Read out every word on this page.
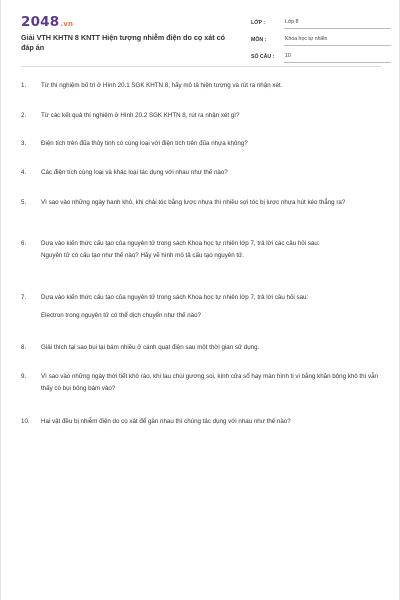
2048.vn
Giải VTH KHTN 8 KNTT Hiện tượng nhiễm điện do cọ xát có đáp án
LỚP :	Lớp 8
MÔN :	Khoa học tự nhiên
SỐ CÂU :	10
1.	Từ thí nghiệm bố trí ở Hình 20.1 SGK KHTN 8, hãy mô tả hiện tượng và rút ra nhận xét.

2.	Từ các kết quả thí nghiệm ở Hình 20.2 SGK KHTN 8, rút ra nhận xét gì?

3.	Điện tích trên đũa thủy tinh có cùng loại với điện tích trên đũa nhựa không?

4.	Các điện tích cùng loại và khác loại tác dụng với nhau như thế nào?

5.	Vì sao vào những ngày hanh khô, khi chải tóc bằng lược nhựa thì nhiều sợi tóc bị lược nhựa hút kéo thẳng ra?

6.	Dựa vào kiến thức cấu tạo của nguyên tử trong sách Khoa học tự nhiên lớp 7, trả lời các câu hỏi sau:

Nguyên tử có cấu tạo như thế nào? Hãy vẽ hình mô tả cấu tạo nguyên tử.

7.	Dựa vào kiến thức cấu tạo của nguyên tử trong sách Khoa học tự nhiên lớp 7, trả lời câu hỏi sau:

Electron trong nguyên tử có thể dịch chuyển như thế nào?

8.	Giải thích tại sao bụi lại bám nhiều ở cánh quạt điện sau một thời gian sử dụng.

9.	Vì sao vào những ngày thời tiết khô ráo, khi lau chùi gương soi, kính cửa sổ hay màn hình ti vi bằng khăn bông khô thì vẫn thấy có bụi bông bám vào?

10.	Hai vật đều bị nhiễm điện do cọ xát để gần nhau thì chúng tác dụng với nhau như thế nào?
